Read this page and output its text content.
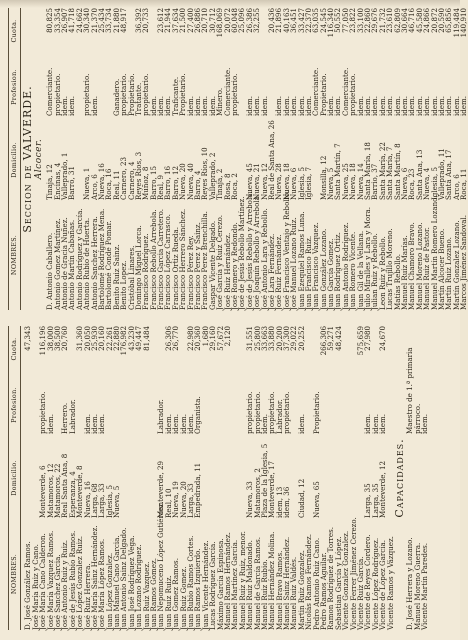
NOMBRES.
Domicilio.
Profesion.
Cuota.
D. José González Ramos.
47,343
José María Ruiz y Cano.
José María Cano Calderon.
Monteverde, 6
propietario.
116,196
José María Vazquez Ramos.
Matamoros, 12
idem.
38,000
José Sanchez Garcia.
Matamoros, 22
38,500
José Antonio Ruiz y Ruiz.
Real Santa Ana, 8
Herrero.
20,760
José de Jesús Rubio Ramos.
Esperanza, 4
Labrador.
José López Gonzalez Ruiz.
Monteverde, 8
31,360
José Ruiz Herrera.
Nueva, 16
idem.
20,050
José María Sainz Hernández.
Larga, 68
idem.
25,930
José María López Ramos.
Larga, 33
idem.
20,160
Juan López Gonzalez.
Iglesia, 5
22,261
Juan Manuel Cano Garcia.
Nueva, 5
22,880
Juan Antonio Sainz Delgado.
176,982
Juan José Rodríguez Vega.
43,230
Juan Lozano Rodríguez.
49,447
Juan Ruiz Vazquez.
81,484
Juan Ramos Gomez.
Juan Nepomuceno López Gutiérrez.
Monteverde, 29
Labrador.
Juan Ruiz Ruiz.
Real, 10
idem.
26,306
Juan Gomez Ramos.
Nueva, 19
idem.
26,770
Juan Ruiz Gomez.
Nueva, 20
idem.
Juan Rubio Ramos Cortes.
Larga, 33
idem.
22,980
Juan Ramos Izquierdo.
Empedrada, 11
Organista.
20,360
Juan Vicente Hernández.
1,680
Lucas Rodríguez García.
29,160
Máximo García Espinosa.
57,672
Manuel Ramos Hernández.
2,120
Manuel Martínez García.
Manuel Ruiz y Ruiz, menor.
Manuel Ruiz Maldonado.
Nueva, 33
propietario.
31,551
Manuel de García Ramos.
Matamoros, 2
propietario.
25,800
Manuel Ruiz Rubio.
Plaza de la Iglesia, 5
idem.
33,663
Manuel Hernández Molina.
Monteverde, 17
propietario.
33,880
Manuel Bravo Ramos.
idem, 13
Labrador.
20,200
Manuel Sainz Hernández.
idem, 36
propietario.
37,300
Manuel Ruiz Valdés.
29,022
Martin Ruiz Gonzalez.
Ciudad, 12
idem.
20,252
Nicolás Ramos Fernández.
Pedro Antonio Ruiz Cano.
Nueva, 65
Propietario.
Pedro Ramos Aguilar.
266,306
Ramon Rodríguez de Torres.
59,271
Sebastian García y López.
48,424
Vicente Gonzalez Gonzalez.
Vicente Ferrer Jiménez Cerezo.
Vicente Ruiz García.
575,659
Vicente de Reyes Cordero.
Larga, 35
idem.
27,980
Vicente López Rodríguez.
Larga, 35
idem.
Vicente de López García.
Monteverde, 12
idem.
24,670
Vicente Ramos y Vázquez.
Capacidades.
D. José Herrera y Lozano.
Maestro de 1.ª primaria
Manuel Moreno Guerra.
párroco.
Vicente Martín Paredes.
idem.
NOMBRES.
Domicilio.
Profesion.
Cuota.
Seccion de VALVERDE. Alcocer.
D. Antonio Caballero.
Tinaja, 12
Comerciante.
80,825
Antonio Gomez Martínez.
Encinas, 4
propietario.
33,354
Antonio de Gracia Nuñez.
Valleprado, 1
idem.
26,907
Antonio Martín Cabañas.
Barro, 31
idem.
41,718
Antonio Rodríguez y García.
24,662
Antonio Rubio de Huerta.
Nueva, 1
propietario.
30,340
Antonio Sanchez Herrera.
Arco, 6
idem.
21,370
Bartolomé Rodríguez Mena.
Nueva, 16
25,434
Bartolomé Conde Pomar.
Roca, 16
33,734
Benito Ruiz Sainz.
Real, 11
Ganadero.
21,880
Benito Lopez.
Carnero, 23
propietario.
48,917
Cristóbal Linares.
Carnero, 4
Propietario.
Domingo Miguel Lorca.
Reyes Ríos, 3
Tratante.
36,392
Francisco Rodríguez.
Muñoz, 8
propietario.
20,733
Francisco Rebollo Arrebola.
Barro, 15
idem.
Francisco Garcia Carretero.
Real, 9
idem.
23,612
Francisco López Carrasco.
Barro, 16
idem.
21,944
Francisco Ortiz Rueda.
Barro, 12
Traficante.
37,634
Francisco Herrero Sánchez.
Nueva, 20
Propietario.
21,500
Francisco Pérez Rey.
Nueva, 40
idem.
27,400
Francisco Perez y Sainz.
Barro, 4
idem.
26,886
Francisco Perez Brenchilla.
Reyes Ríos, 10
idem.
20,710
Gaspar Vicente Delgado.
Valleprado, 2
idem.
30,712
José García y Ruiz Cerezo.
Tinaja, 2
Minero.
168,069
José Ruiz Hernández.
Rosa, 8
Comerciante.
20,072
José Romero y Redondo.
Roca, 2
propietario.
60,048
José de Jesús Rebollo Martínez.
25,096
José de Jesús Rebollo y Arrebola.
Nueva, 45
idem.
26,386
José Joaquín Rebollo y Arrebola.
Nueva, 21
idem.
32,255
José Antonio Lara y Rebollo.
Nueva, 12
idem.
José Lara Fernández.
Real de Santa Ana, 26
20,436
José Ruiz Fernández.
Nueva, 28
idem.
21,896
José Francisco Ventajo y Rebollo.
Nueva, 18
idem.
40,163
José Manuel Lozano Ruiz.
Nueva, 6
idem.
36,451
Juan Ezequiel Ramos Luna.
Iglesia, 5
idem.
33,427
Juan Francisco Ruiz.
Iglesia, 7
idem.
22,370
Juan Francisco Vazquez.
Comerciante.
63,035
Juan González Lozano.
Monsilla, 12
Propietario.
24,545
Juan García Gomez.
Nueva, 5
idem.
116,340
Juan Rodríguez Ortiz.
Santa Martín, 7
idem.
50,552
Juan Antonio Rodríguez.
Nueva, 25
Comerciante.
77,050
Juan Romero Vicente.
Nueva, 18
propietario.
23,822
Juan Gil de la Vellana.
Nueva, 14
idem.
33,100
Julio Miralles y Lara y Mora.
Santa María, 18
idem.
22,860
Julian Ruiz y Rebollo.
Barrio, 37
idem.
29,676
Leon Ruiz y Rebollo.
Santa María, 22
idem.
21,732
Lucas Trujillo Moreno.
Santa María, 7
idem.
23,610
Matías Rebollo.
Santa Martín, 8
idem.
62,809
Manuel Ruiz Marías.
Nueva, 6
idem.
30,664
Manuel Chamoro Bravo.
Roca, 23
idem.
46,716
Manuel Moreno Lozano.
Santa Ana, 13
idem.
45,580
Manuel Ruiz de Pastor.
Nueva, 4
idem.
24,866
Manuel Martín Romero Lozano.
Iglesia, 5
idem.
20,872
Martín Alcocer Bueno.
Valleprado, 11
idem.
20,590
Martín Ruiz Lozano.
Santa Ana, 17
idem.
65,856
Martín Gonzalez Lozano.
Arco, 6
idem.
119,484
Marcos Jiménez Sandoval.
Roca, 11
idem.
140,910
